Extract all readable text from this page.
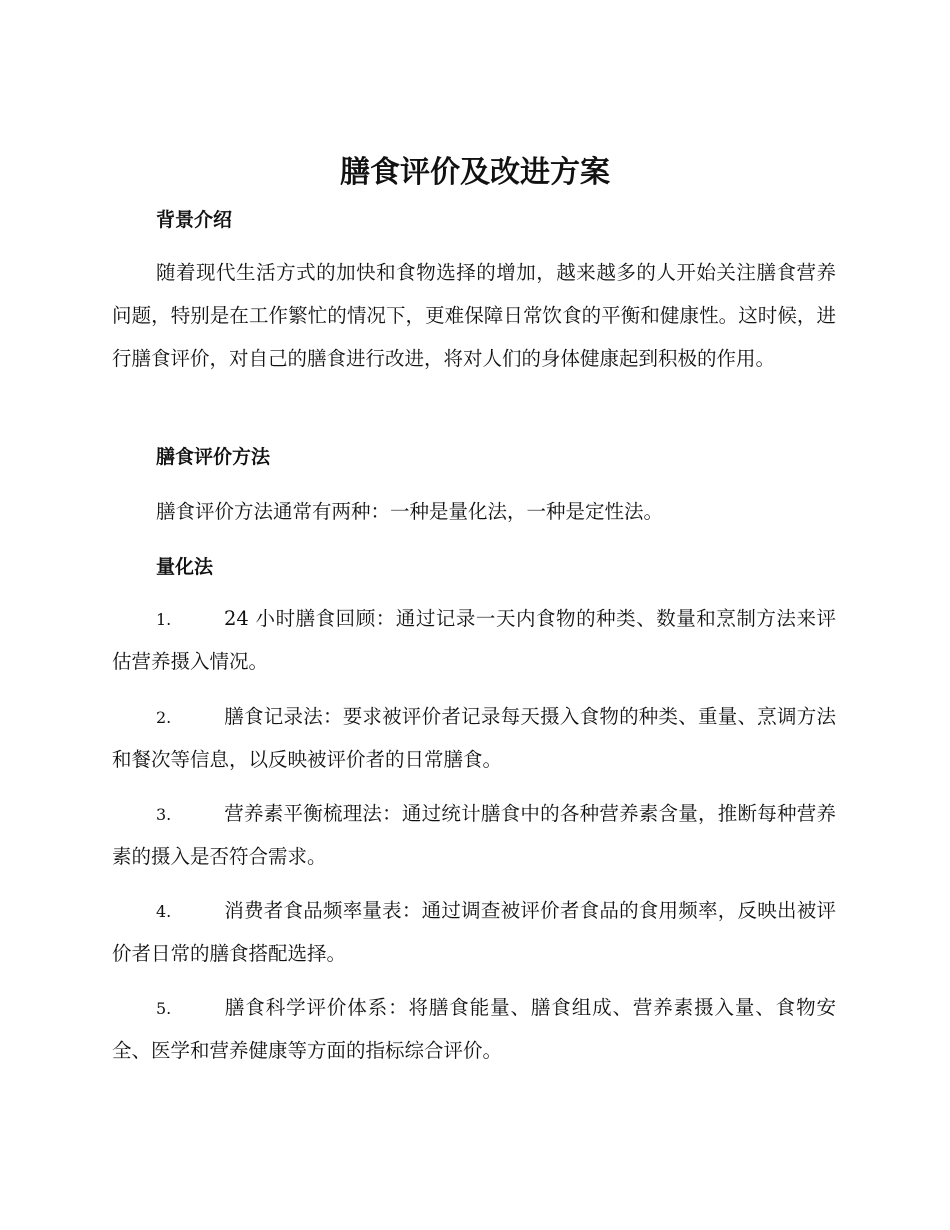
膳食评价及改进方案
背景介绍

随着现代生活方式的加快和食物选择的增加，越来越多的人开始关注膳食营养问题，特别是在工作繁忙的情况下，更难保障日常饮食的平衡和健康性。这时候，进行膳食评价，对自己的膳食进行改进，将对人们的身体健康起到积极的作用。

膳食评价方法

膳食评价方法通常有两种：一种是量化法，一种是定性法。

量化法

1.	24 小时膳食回顾：通过记录一天内食物的种类、数量和烹制方法来评估营养摄入情况。

2.	膳食记录法：要求被评价者记录每天摄入食物的种类、重量、烹调方法和餐次等信息，以反映被评价者的日常膳食。

3.	营养素平衡梳理法：通过统计膳食中的各种营养素含量，推断每种营养素的摄入是否符合需求。

4.	消费者食品频率量表：通过调查被评价者食品的食用频率，反映出被评价者日常的膳食搭配选择。

5.	膳食科学评价体系：将膳食能量、膳食组成、营养素摄入量、食物安全、医学和营养健康等方面的指标综合评价。
